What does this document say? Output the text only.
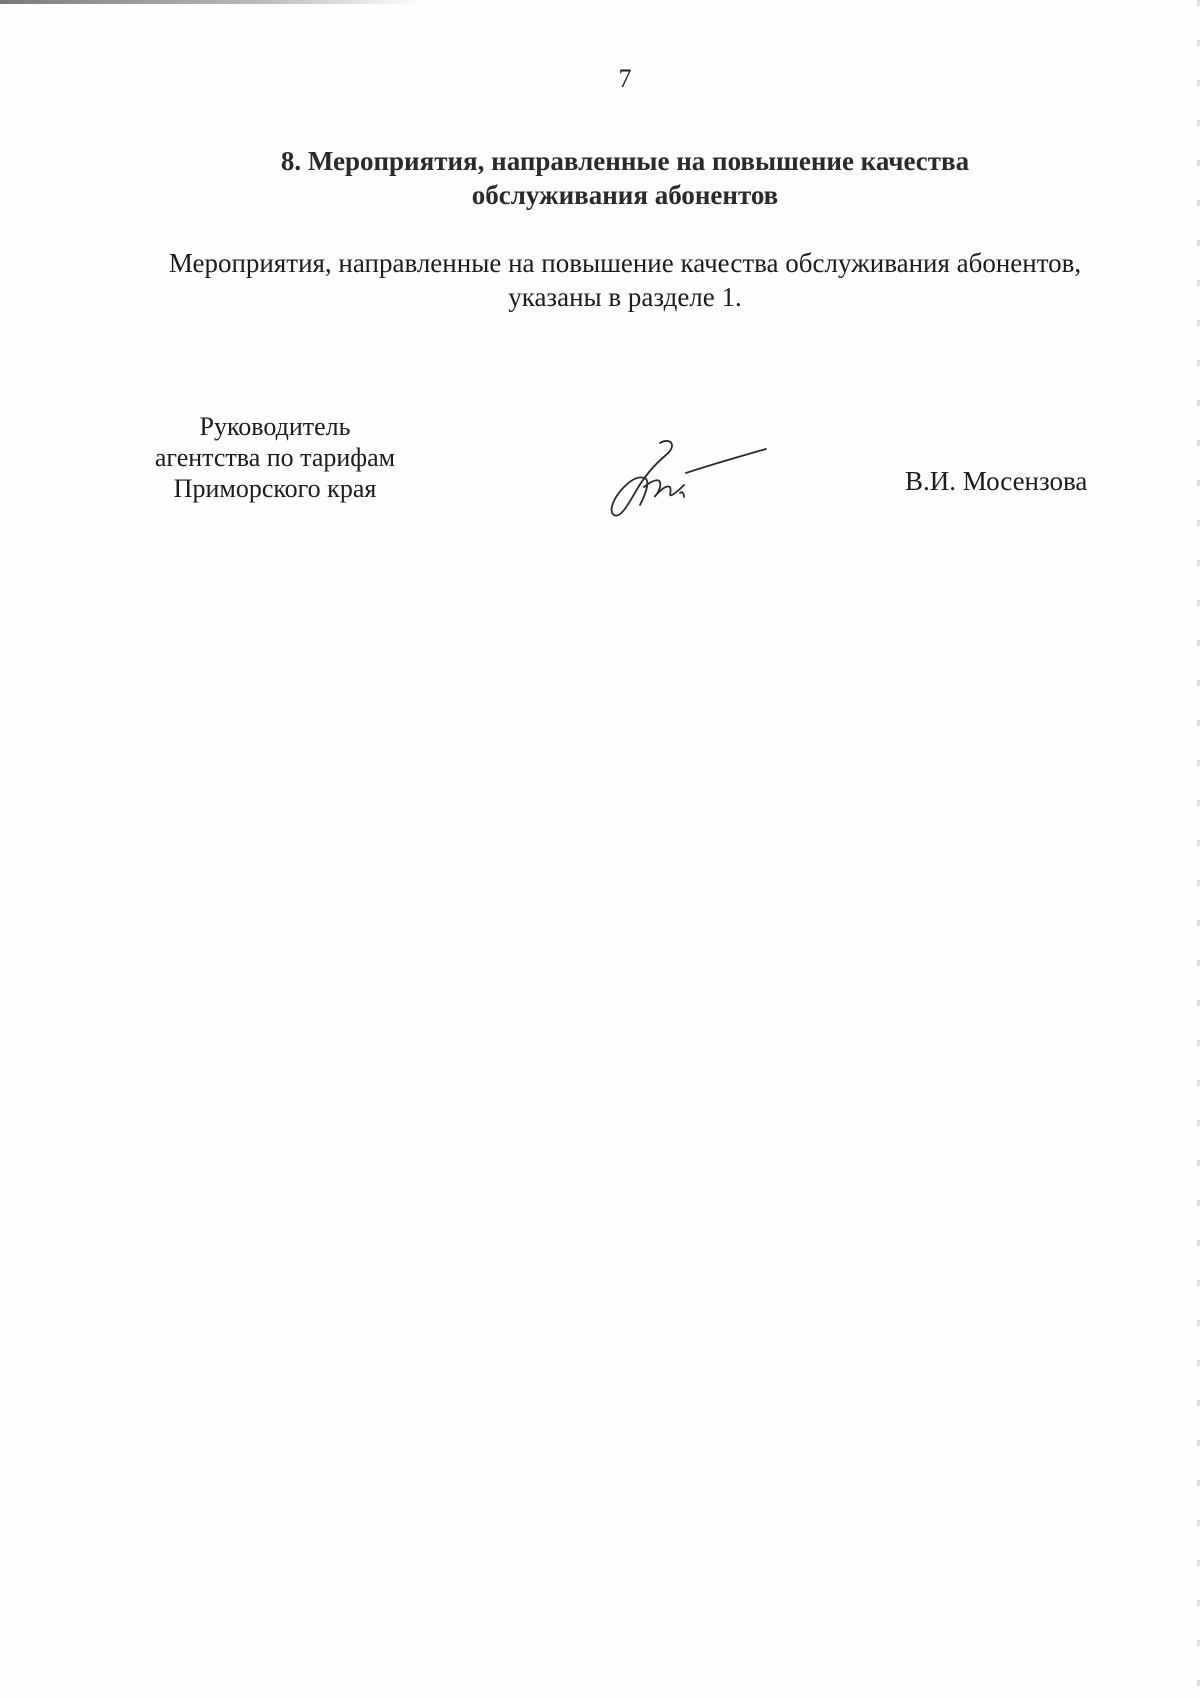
7
8. Мероприятия, направленные на повышение качества
обслуживания абонентов
Мероприятия, направленные на повышение качества обслуживания абонентов,
указаны в разделе 1.
Руководитель
агентства по тарифам
Приморского края	В.И. Мосензова
